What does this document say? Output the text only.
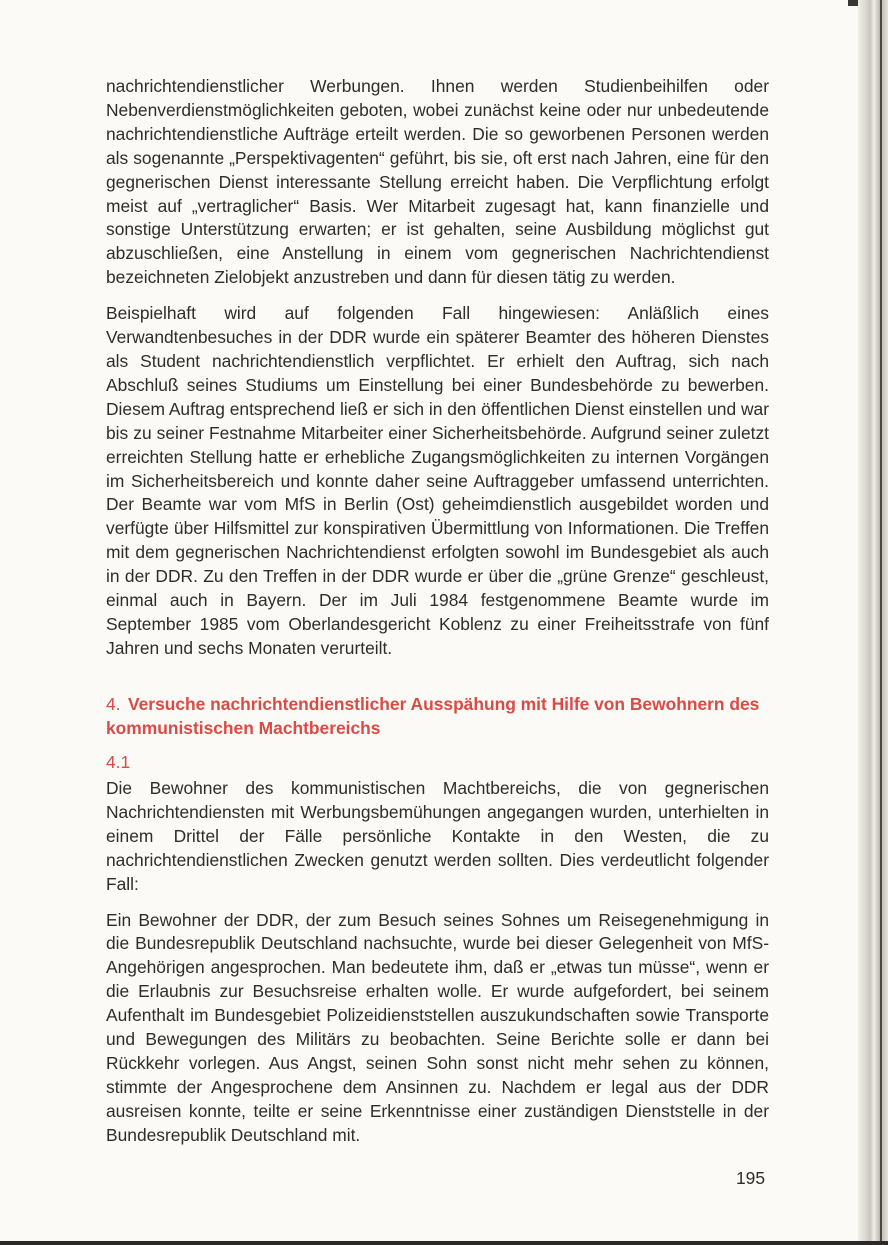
nachrichtendienstlicher Werbungen. Ihnen werden Studienbeihilfen oder Nebenverdienstmöglichkeiten geboten, wobei zunächst keine oder nur unbedeutende nachrichtendienstliche Aufträge erteilt werden. Die so geworbenen Personen werden als sogenannte „Perspektivagenten“ geführt, bis sie, oft erst nach Jahren, eine für den gegnerischen Dienst interessante Stellung erreicht haben. Die Verpflichtung erfolgt meist auf „vertraglicher“ Basis. Wer Mitarbeit zugesagt hat, kann finanzielle und sonstige Unterstützung erwarten; er ist gehalten, seine Ausbildung möglichst gut abzuschließen, eine Anstellung in einem vom gegnerischen Nachrichtendienst bezeichneten Zielobjekt anzustreben und dann für diesen tätig zu werden.

Beispielhaft wird auf folgenden Fall hingewiesen: Anläßlich eines Verwandtenbesuches in der DDR wurde ein späterer Beamter des höheren Dienstes als Student nachrichtendienstlich verpflichtet. Er erhielt den Auftrag, sich nach Abschluß seines Studiums um Einstellung bei einer Bundesbehörde zu bewerben. Diesem Auftrag entsprechend ließ er sich in den öffentlichen Dienst einstellen und war bis zu seiner Festnahme Mitarbeiter einer Sicherheitsbehörde. Aufgrund seiner zuletzt erreichten Stellung hatte er erhebliche Zugangsmöglichkeiten zu internen Vorgängen im Sicherheitsbereich und konnte daher seine Auftraggeber umfassend unterrichten. Der Beamte war vom MfS in Berlin (Ost) geheimdienstlich ausgebildet worden und verfügte über Hilfsmittel zur konspirativen Übermittlung von Informationen. Die Treffen mit dem gegnerischen Nachrichtendienst erfolgten sowohl im Bundesgebiet als auch in der DDR. Zu den Treffen in der DDR wurde er über die „grüne Grenze“ geschleust, einmal auch in Bayern. Der im Juli 1984 festgenommene Beamte wurde im September 1985 vom Oberlandesgericht Koblenz zu einer Freiheitsstrafe von fünf Jahren und sechs Monaten verurteilt.

4. Versuche nachrichtendienstlicher Ausspähung mit Hilfe von Bewohnern des kommunistischen Machtbereichs
4.1

Die Bewohner des kommunistischen Machtbereichs, die von gegnerischen Nachrichtendiensten mit Werbungsbemühungen angegangen wurden, unterhielten in einem Drittel der Fälle persönliche Kontakte in den Westen, die zu nachrichtendienstlichen Zwecken genutzt werden sollten. Dies verdeutlicht folgender Fall:

Ein Bewohner der DDR, der zum Besuch seines Sohnes um Reisegenehmigung in die Bundesrepublik Deutschland nachsuchte, wurde bei dieser Gelegenheit von MfS-Angehörigen angesprochen. Man bedeutete ihm, daß er „etwas tun müsse“, wenn er die Erlaubnis zur Besuchsreise erhalten wolle. Er wurde aufgefordert, bei seinem Aufenthalt im Bundesgebiet Polizeidienststellen auszukundschaften sowie Transporte und Bewegungen des Militärs zu beobachten. Seine Berichte solle er dann bei Rückkehr vorlegen. Aus Angst, seinen Sohn sonst nicht mehr sehen zu können, stimmte der Angesprochene dem Ansinnen zu. Nachdem er legal aus der DDR ausreisen konnte, teilte er seine Erkenntnisse einer zuständigen Dienststelle in der Bundesrepublik Deutschland mit.

195
